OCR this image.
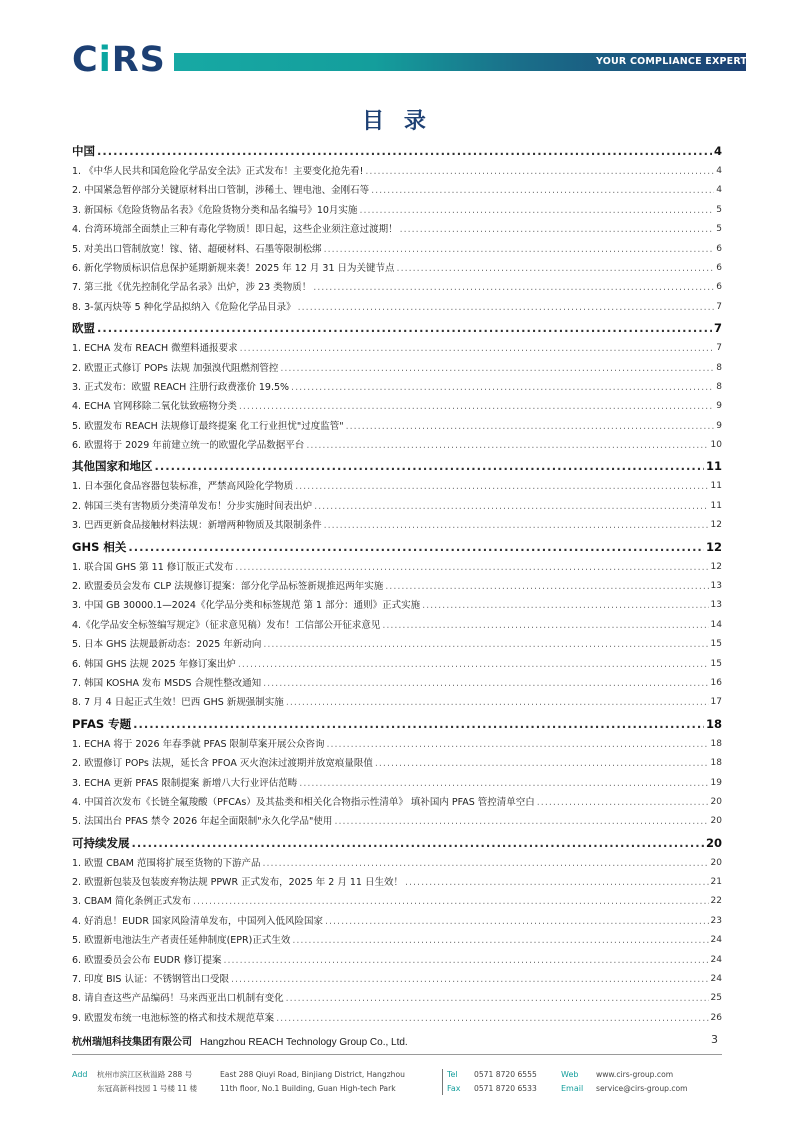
CiRS	YOUR COMPLIANCE EXPERT
目 录
中国 .....	4
1. 《中华人民共和国危险化学品安全法》正式发布！主要变化抢先看! .....	4
2. 中国紧急暂停部分关键原材料出口管制，涉稀土、锂电池、金刚石等 .....	4
3. 新国标《危险货物品名表》《危险货物分类和品名编号》10月实施 .....	5
4. 台湾环境部全面禁止三种有毒化学物质！即日起，这些企业须注意过渡期！ .....	5
5. 对美出口管制放宽！镓、锗、超硬材料、石墨等限制松绑 .....	6
6. 新化学物质标识信息保护延期新规来袭！2025 年 12 月 31 日为关键节点 .....	6
7. 第三批《优先控制化学品名录》出炉，涉 23 类物质！ .....	6
8. 3-氯丙炔等 5 种化学品拟纳入《危险化学品目录》 .....	7
欧盟 .....	7
1. ECHA 发布 REACH 微塑料通报要求 .....	7
2. 欧盟正式修订 POPs 法规 加强溴代阻燃剂管控 .....	8
3. 正式发布：欧盟 REACH 注册行政费涨价 19.5% .....	8
4. ECHA 官网移除二氧化钛致癌物分类 .....	9
5. 欧盟发布 REACH 法规修订最终提案 化工行业担忧"过度监管" .....	9
6. 欧盟将于 2029 年前建立统一的欧盟化学品数据平台 .....	10
其他国家和地区 .....	11
1. 日本强化食品容器包装标准，严禁高风险化学物质 .....	11
2. 韩国三类有害物质分类清单发布！分步实施时间表出炉 .....	11
3. 巴西更新食品接触材料法规：新增两种物质及其限制条件 .....	12
GHS 相关 .....	12
1. 联合国 GHS 第 11 修订版正式发布 .....	12
2. 欧盟委员会发布 CLP 法规修订提案：部分化学品标签新规推迟两年实施 .....	13
3. 中国 GB 30000.1—2024《化学品分类和标签规范 第 1 部分：通则》正式实施 .....	13
4.《化学品安全标签编写规定》（征求意见稿）发布！工信部公开征求意见 .....	14
5. 日本 GHS 法规最新动态：2025 年新动向 .....	15
6. 韩国 GHS 法规 2025 年修订案出炉 .....	15
7. 韩国 KOSHA 发布 MSDS 合规性整改通知 .....	16
8. 7 月 4 日起正式生效！巴西 GHS 新规强制实施 .....	17
PFAS 专题 .....	18
1. ECHA 将于 2026 年春季就 PFAS 限制草案开展公众咨询 .....	18
2. 欧盟修订 POPs 法规，延长含 PFOA 灭火泡沫过渡期并放宽痕量限值 .....	18
3. ECHA 更新 PFAS 限制提案 新增八大行业评估范畴 .....	19
4. 中国首次发布《长链全氟羧酸（PFCAs）及其盐类和相关化合物指示性清单》 填补国内 PFAS 管控清单空白 .....	20
5. 法国出台 PFAS 禁令 2026 年起全面限制"永久化学品"使用 .....	20
可持续发展 .....	20
1. 欧盟 CBAM 范围将扩展至货物的下游产品 .....	20
2. 欧盟新包装及包装废弃物法规 PPWR 正式发布，2025 年 2 月 11 日生效！ .....	21
3. CBAM 简化条例正式发布 .....	22
4. 好消息！EUDR 国家风险清单发布，中国列入低风险国家 .....	23
5. 欧盟新电池法生产者责任延伸制度(EPR)正式生效 .....	24
6. 欧盟委员会公布 EUDR 修订提案 .....	24
7. 印度 BIS 认证：不锈钢管出口受限 .....	24
8. 请自查这些产品编码！马来西亚出口机制有变化 .....	25
9. 欧盟发布统一电池标签的格式和技术规范草案 .....	26
杭州瑞旭科技集团有限公司 Hangzhou REACH Technology Group Co., Ltd.	3
Add 杭州市滨江区秋溢路 288 号
东冠高新科技园 1 号楼 11 楼
East 288 Qiuyi Road, Binjiang District, Hangzhou
11th floor, No.1 Building, Guan High-tech Park
Tel 0571 8720 6555
Fax 0571 8720 6533
Web www.cirs-group.com
Email service@cirs-group.com
